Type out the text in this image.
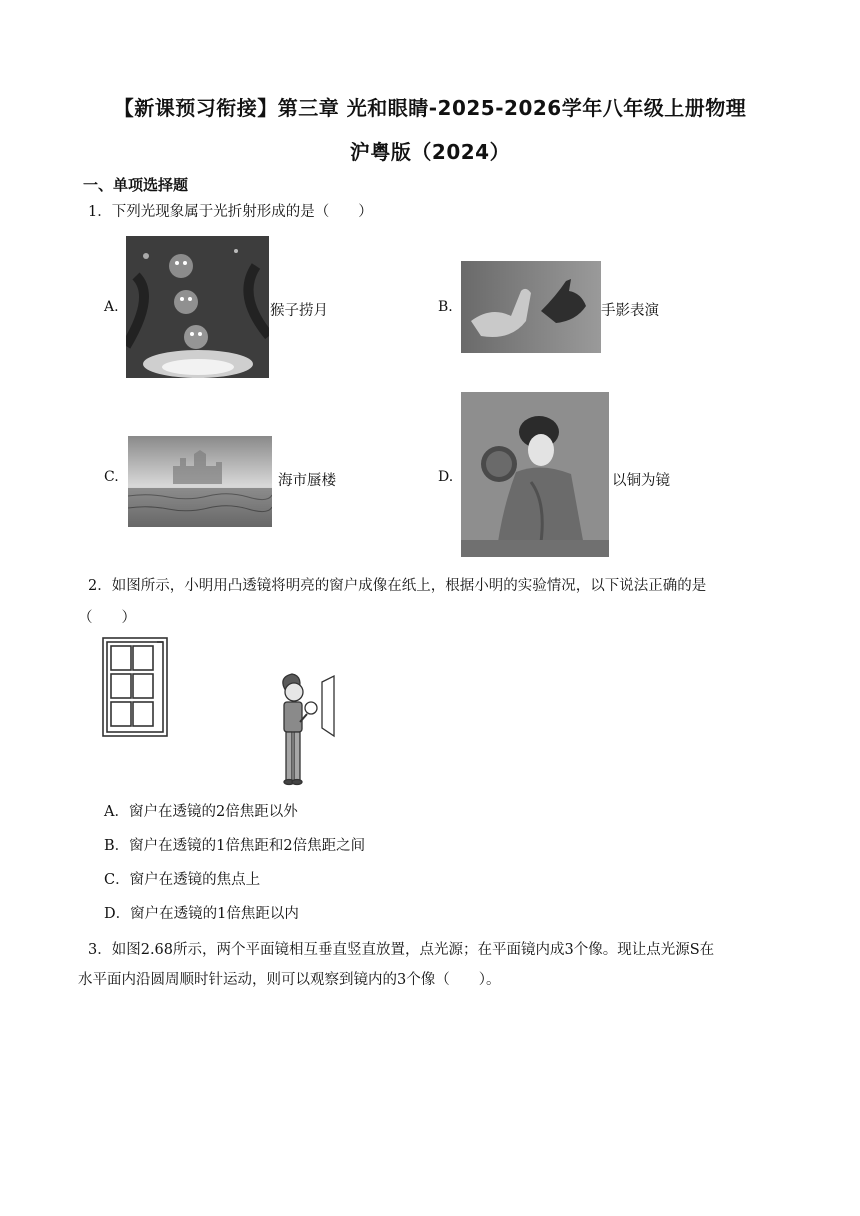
【新课预习衔接】第三章 光和眼睛-2025-2026学年八年级上册物理
沪粤版（2024）
一、单项选择题
1．下列光现象属于光折射形成的是（　　）
A.	猴子捞月	B.	手影表演
C.	海市蜃楼	D.	以铜为镜
2．如图所示，小明用凸透镜将明亮的窗户成像在纸上，根据小明的实验情况，以下说法正确的是
（　　）
A．窗户在透镜的2倍焦距以外
B．窗户在透镜的1倍焦距和2倍焦距之间
C．窗户在透镜的焦点上
D．窗户在透镜的1倍焦距以内
3．如图2.68所示，两个平面镜相互垂直竖直放置，点光源；在平面镜内成3个像。现让点光源S在
水平面内沿圆周顺时针运动，则可以观察到镜内的3个像（　　）。
